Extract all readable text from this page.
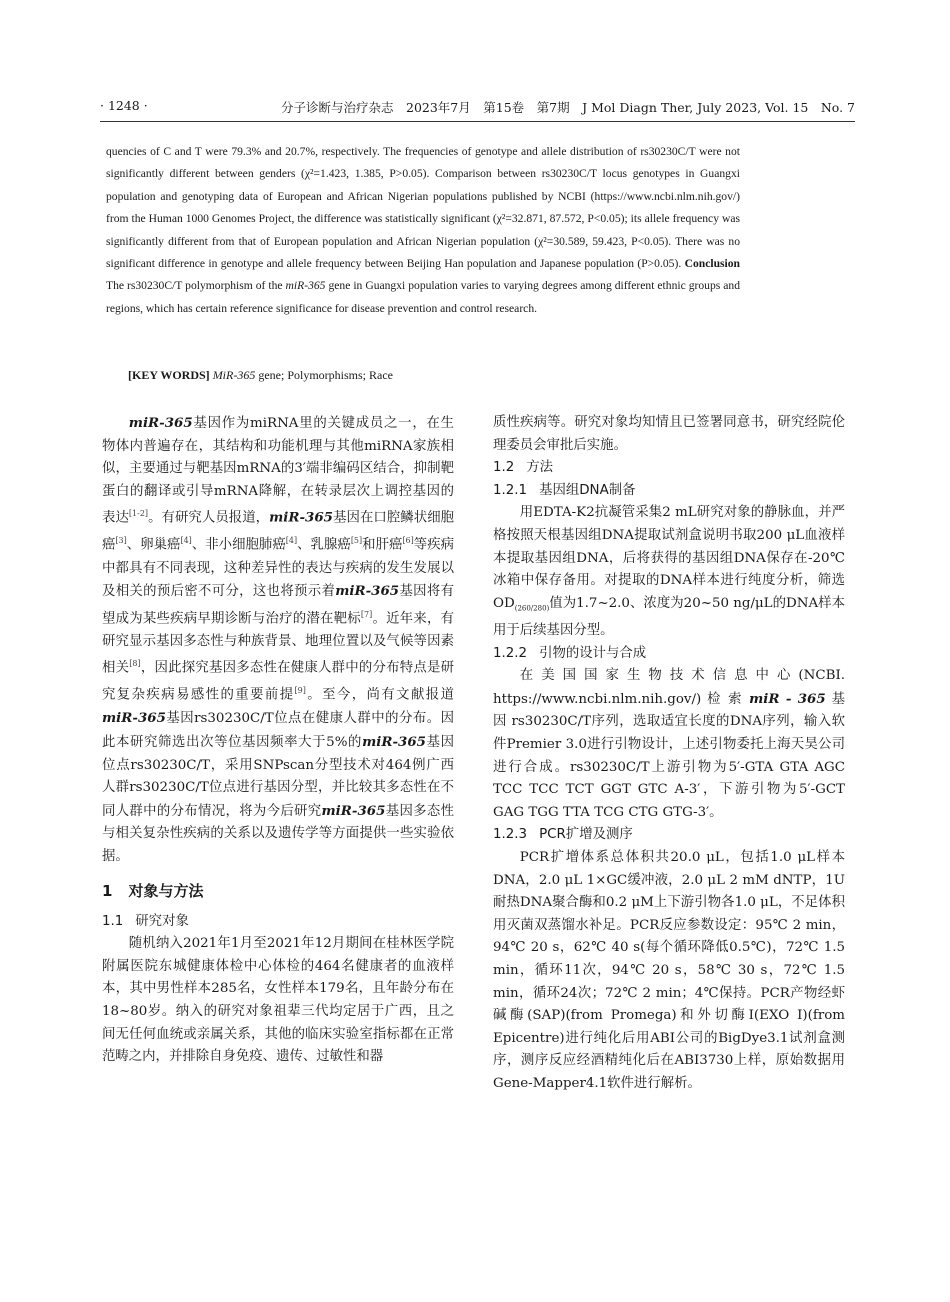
· 1248 ·	分子诊断与治疗杂志　2023年7月　第15卷　第7期　J Mol Diagn Ther, July 2023, Vol. 15　No. 7
quencies of C and T were 79.3% and 20.7%, respectively. The frequencies of genotype and allele distribution of rs30230C/T were not significantly different between genders (χ²=1.423, 1.385, P>0.05). Comparison between rs30230C/T locus genotypes in Guangxi population and genotyping data of European and African Nigerian populations published by NCBI (https://www.ncbi.nlm.nih.gov/) from the Human 1000 Genomes Project, the difference was statistically significant (χ²=32.871, 87.572, P<0.05); its allele frequency was significantly different from that of European population and African Nigerian population (χ²=30.589, 59.423, P<0.05). There was no significant difference in genotype and allele frequency between Beijing Han population and Japanese population (P>0.05). Conclusion The rs30230C/T polymorphism of the miR-365 gene in Guangxi population varies to varying degrees among different ethnic groups and regions, which has certain reference significance for disease prevention and control research.
[KEY WORDS] MiR-365 gene; Polymorphisms; Race

miR-365基因作为miRNA里的关键成员之一，在生物体内普遍存在，其结构和功能机理与其他miRNA家族相似，主要通过与靶基因mRNA的3′端非编码区结合，抑制靶蛋白的翻译或引导mRNA降解，在转录层次上调控基因的表达[1-2]。有研究人员报道，miR-365基因在口腔鳞状细胞癌[3]、卵巢癌[4]、非小细胞肺癌[4]、乳腺癌[5]和肝癌[6]等疾病中都具有不同表现，这种差异性的表达与疾病的发生发展以及相关的预后密不可分，这也将预示着miR-365基因将有望成为某些疾病早期诊断与治疗的潜在靶标[7]。近年来，有研究显示基因多态性与种族背景、地理位置以及气候等因素相关[8]，因此探究基因多态性在健康人群中的分布特点是研究复杂疾病易感性的重要前提[9]。至今，尚有文献报道miR-365基因rs30230C/T位点在健康人群中的分布。因此本研究筛选出次等位基因频率大于5%的miR-365基因位点rs30230C/T，采用SNPscan分型技术对464例广西人群rs30230C/T位点进行基因分型，并比较其多态性在不同人群中的分布情况，将为今后研究miR-365基因多态性与相关复杂性疾病的关系以及遗传学等方面提供一些实验依据。

1 对象与方法
1.1 研究对象

随机纳入2021年1月至2021年12月期间在桂林医学院附属医院东城健康体检中心体检的464名健康者的血液样本，其中男性样本285名，女性样本179名，且年龄分布在18~80岁。纳入的研究对象祖辈三代均定居于广西，且之间无任何血统或亲属关系，其他的临床实验室指标都在正常范畴之内，并排除自身免疫、遗传、过敏性和器

质性疾病等。研究对象均知情且已签署同意书，研究经院伦理委员会审批后实施。

1.2 方法
1.2.1 基因组DNA制备

用EDTA-K2抗凝管采集2 mL研究对象的静脉血，并严格按照天根基因组DNA提取试剂盒说明书取200 μL血液样本提取基因组DNA，后将获得的基因组DNA保存在-20℃冰箱中保存备用。对提取的DNA样本进行纯度分析，筛选$OD_{(260/280)}$值为1.7~2.0、浓度为20~50 ng/μL的DNA样本用于后续基因分型。

1.2.2 引物的设计与合成

在美国国家生物技术信息中心(NCBI. https://www.ncbi.nlm.nih.gov/) 检 索 miR - 365 基 因 rs30230C/T序列，选取适宜长度的DNA序列，输入软件Premier 3.0进行引物设计，上述引物委托上海天昊公司进行合成。rs30230C/T上游引物为5′-GTA GTA AGC TCC TCC TCT GGT GTC A-3′，下游引物为5′-GCT GAG TGG TTA TCG CTG GTG-3′。

1.2.3 PCR扩增及测序

PCR扩增体系总体积共20.0 μL，包括1.0 μL样本DNA，2.0 μL 1×GC缓冲液，2.0 μL 2 mM dNTP，1U耐热DNA聚合酶和0.2 μM上下游引物各1.0 μL，不足体积用灭菌双蒸馏水补足。PCR反应参数设定：95℃ 2 min，94℃ 20 s，62℃ 40 s(每个循环降低0.5℃)，72℃ 1.5 min，循环11次，94℃ 20 s，58℃ 30 s，72℃ 1.5 min，循环24次；72℃ 2 min；4℃保持。PCR产物经虾碱酶(SAP)(from Promega)和外切酶I(EXO I)(from Epicentre)进行纯化后用ABI公司的BigDye3.1试剂盒测序，测序反应经酒精纯化后在ABI3730上样，原始数据用Gene-Mapper4.1软件进行解析。
